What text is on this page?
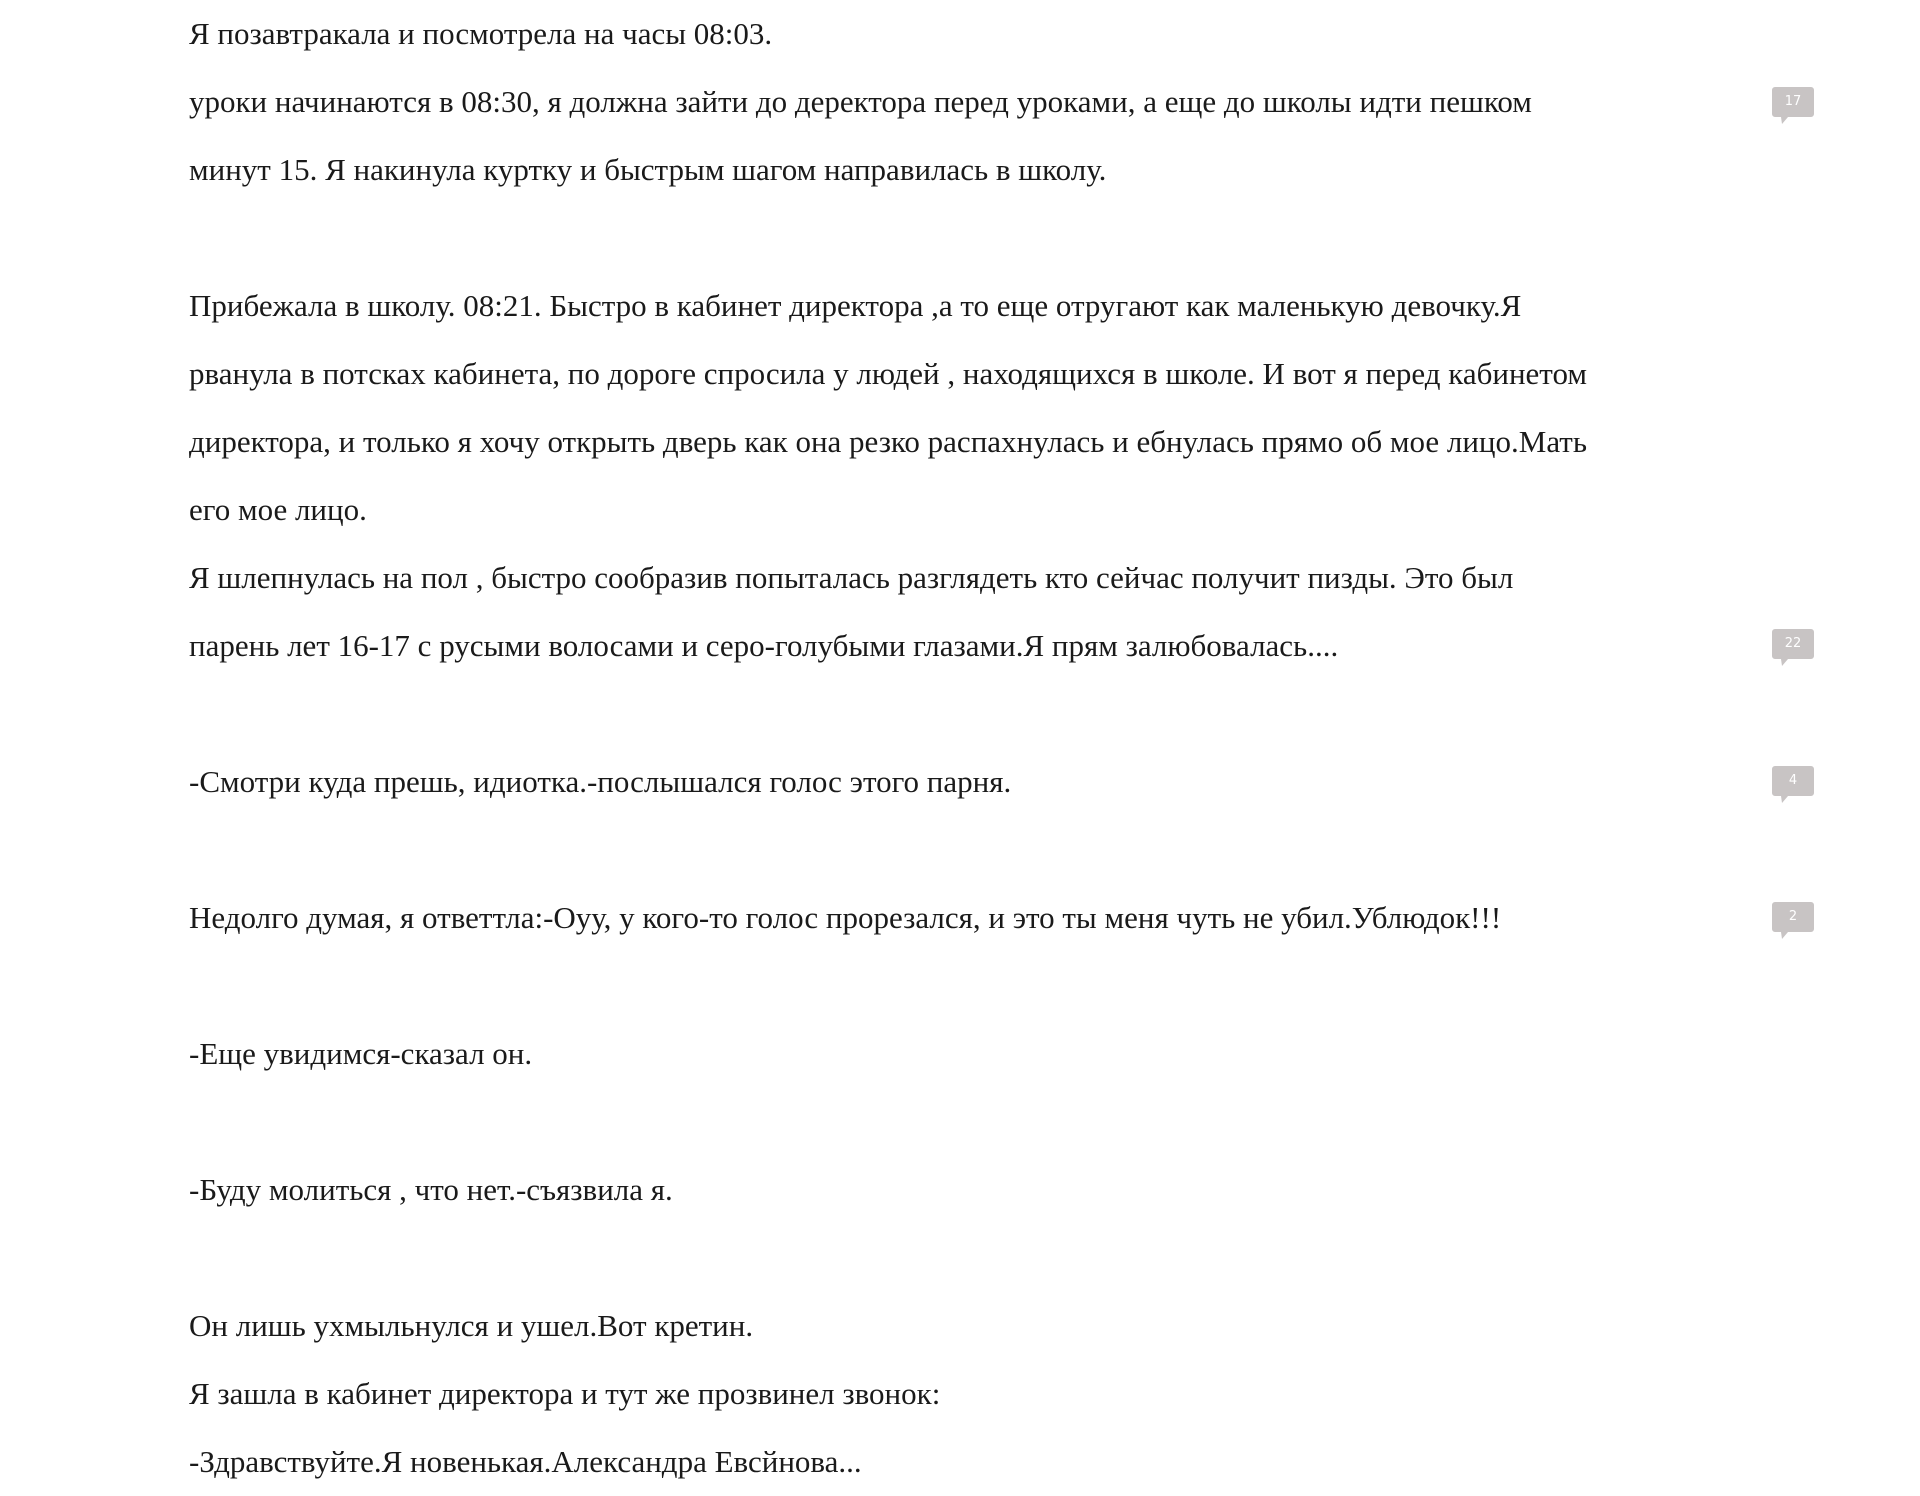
Я позавтракала и посмотрела на часы 08:03.

уроки начинаются в 08:30, я должна зайти до деректора перед уроками, а еще до школы идти пешком
минут 15. Я накинула куртку и быстрым шагом направилась в школу.
17

Прибежала в школу. 08:21. Быстро в кабинет директора ,а то еще отругают как маленькую девочку.Я
рванула в потсках кабинета, по дороге спросила у людей , находящихся в школе. И вот я перед кабинетом
директора, и только я хочу открыть дверь как она резко распахнулась и ебнулась прямо об мое лицо.Мать
его мое лицо.

Я шлепнулась на пол , быстро сообразив попыталась разглядеть кто сейчас получит пизды. Это был
парень лет 16-17 с русыми волосами и серо-голубыми глазами.Я прям залюбовалась....	22

-Смотри куда прешь, идиотка.-послышался голос этого парня.	4

Недолго думая, я ответтла:-Оуу, у кого-то голос прорезался, и это ты меня чуть не убил.Ублюдок!!!	2

-Еще увидимся-сказал он.

-Буду молиться , что нет.-съязвила я.

Он лишь ухмыльнулся и ушел.Вот кретин.

Я зашла в кабинет директора и тут же прозвинел звонок:

-Здравствуйте.Я новенькая.Александра Евсйнова...
